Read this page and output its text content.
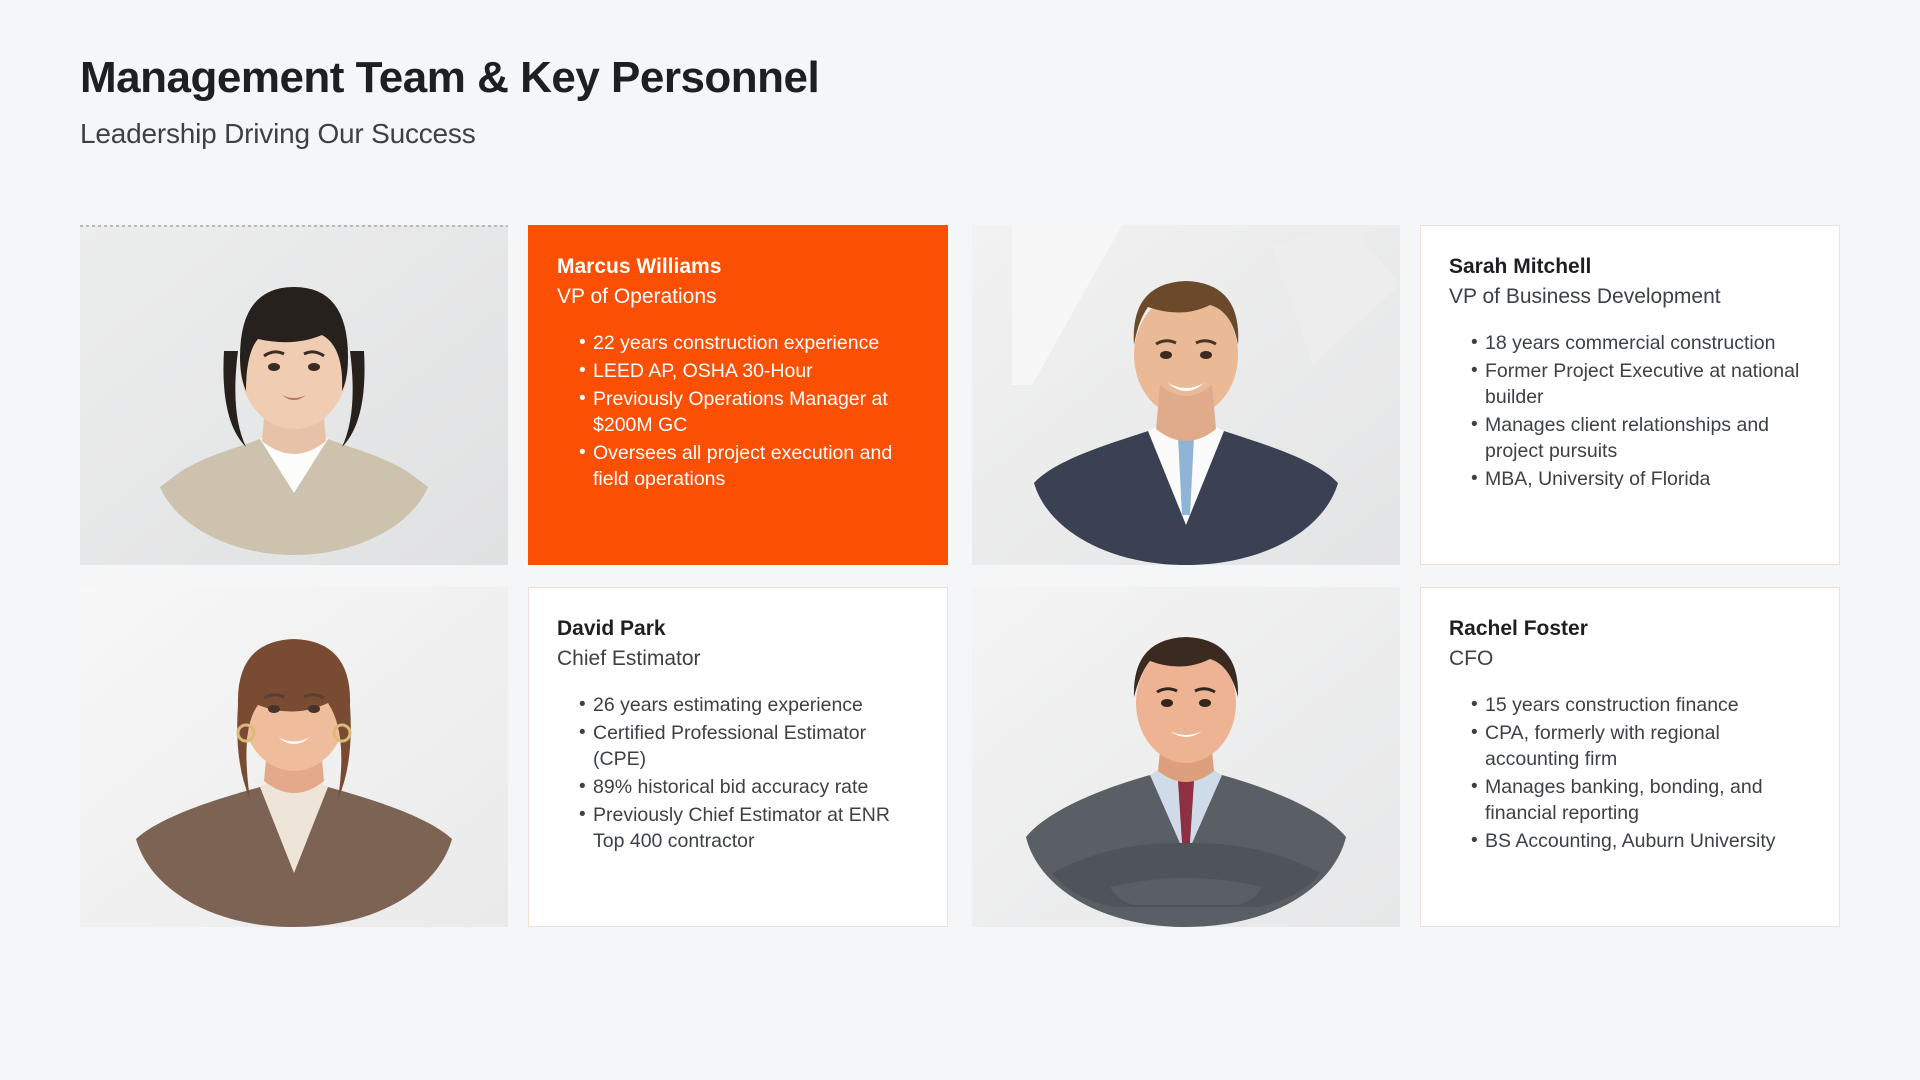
Management Team & Key Personnel
Leadership Driving Our Success
Marcus Williams
VP of Operations
• 22 years construction experience
• LEED AP, OSHA 30-Hour
• Previously Operations Manager at $200M GC
• Oversees all project execution and field operations
Sarah Mitchell
VP of Business Development
• 18 years commercial construction
• Former Project Executive at national builder
• Manages client relationships and project pursuits
• MBA, University of Florida
David Park
Chief Estimator
• 26 years estimating experience
• Certified Professional Estimator (CPE)
• 89% historical bid accuracy rate
• Previously Chief Estimator at ENR Top 400 contractor
Rachel Foster
CFO
• 15 years construction finance
• CPA, formerly with regional accounting firm
• Manages banking, bonding, and financial reporting
• BS Accounting, Auburn University
